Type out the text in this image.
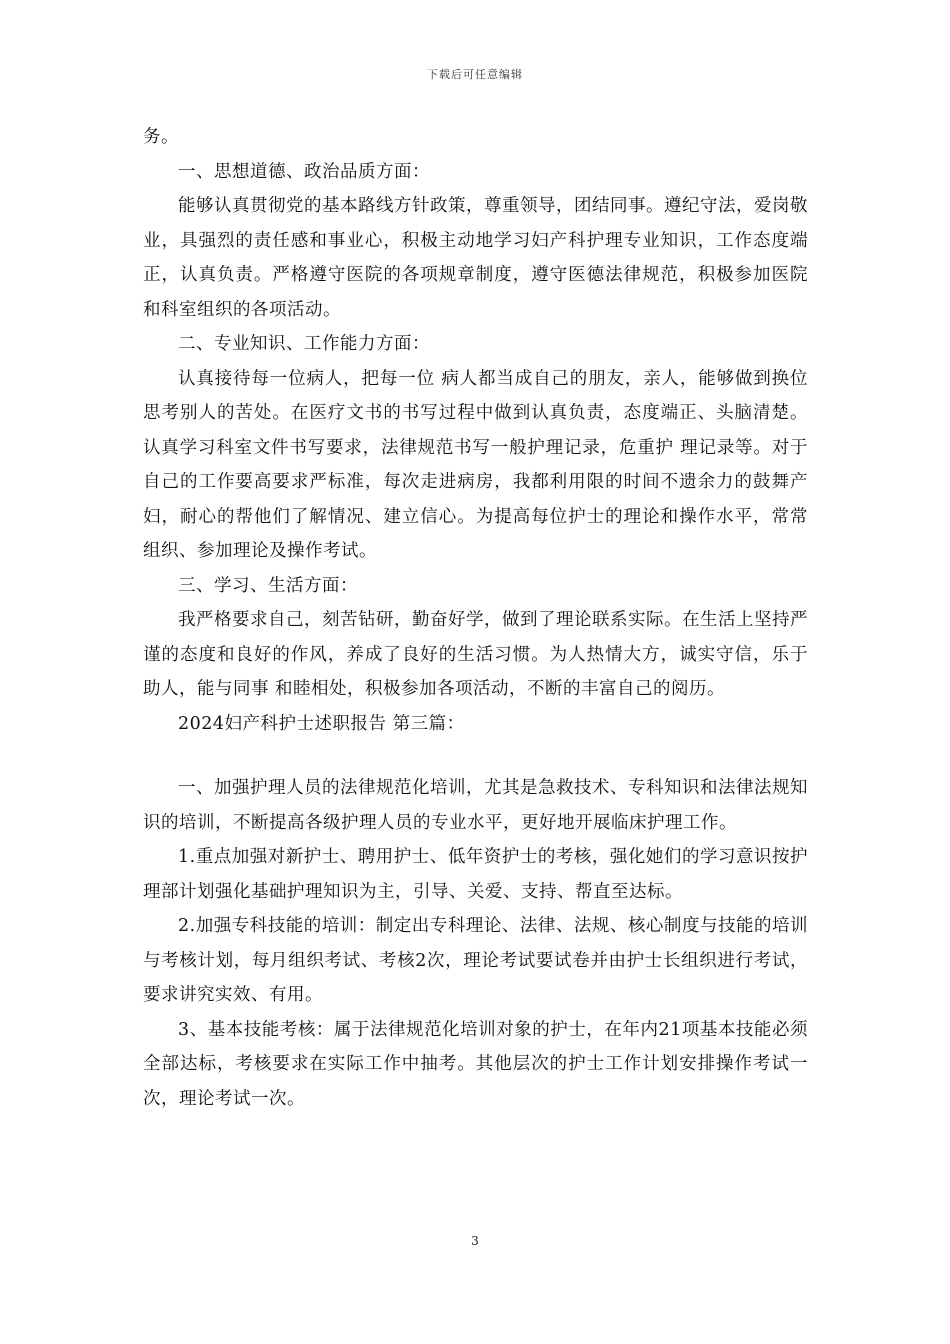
下载后可任意编辑

务。

一、思想道德、政治品质方面：

能够认真贯彻党的基本路线方针政策，尊重领导，团结同事。遵纪守法，爱岗敬业，具强烈的责任感和事业心，积极主动地学习妇产科护理专业知识，工作态度端正，认真负责。严格遵守医院的各项规章制度，遵守医德法律规范，积极参加医院和科室组织的各项活动。

二、专业知识、工作能力方面：

认真接待每一位病人，把每一位 病人都当成自己的朋友，亲人，能够做到换位思考别人的苦处。在医疗文书的书写过程中做到认真负责，态度端正、头脑清楚。认真学习科室文件书写要求，法律规范书写一般护理记录，危重护 理记录等。对于自己的工作要高要求严标准，每次走进病房，我都利用限的时间不遗余力的鼓舞产妇，耐心的帮他们了解情况、建立信心。为提高每位护士的理论和操作水平，常常组织、参加理论及操作考试。

三、学习、生活方面：

我严格要求自己，刻苦钻研，勤奋好学，做到了理论联系实际。在生活上坚持严谨的态度和良好的作风，养成了良好的生活习惯。为人热情大方，诚实守信，乐于助人，能与同事 和睦相处，积极参加各项活动，不断的丰富自己的阅历。

2024妇产科护士述职报告 第三篇：

一、加强护理人员的法律规范化培训，尤其是急救技术、专科知识和法律法规知识的培训，不断提高各级护理人员的专业水平，更好地开展临床护理工作。

1.重点加强对新护士、聘用护士、低年资护士的考核，强化她们的学习意识按护理部计划强化基础护理知识为主，引导、关爱、支持、帮直至达标。

2.加强专科技能的培训：制定出专科理论、法律、法规、核心制度与技能的培训与考核计划，每月组织考试、考核2次，理论考试要试卷并由护士长组织进行考试，要求讲究实效、有用。

3、基本技能考核：属于法律规范化培训对象的护士，在年内21项基本技能必须全部达标，考核要求在实际工作中抽考。其他层次的护士工作计划安排操作考试一次，理论考试一次。

3
